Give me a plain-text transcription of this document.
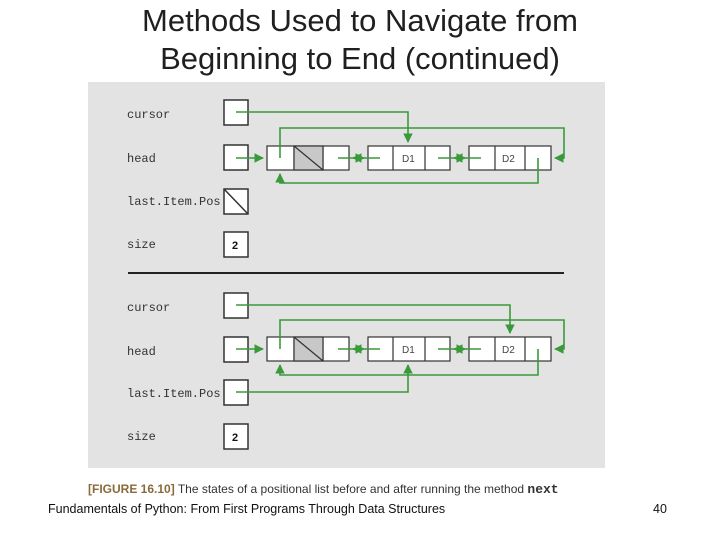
Methods Used to Navigate from
Beginning to End (continued)
cursor
head
last.Item.Pos
size	2
D1	D2
cursor
head
last.Item.Pos
size	2
D1	D2
[FIGURE 16.10] The states of a positional list before and after running the method next
Fundamentals of Python: From First Programs Through Data Structures	40
